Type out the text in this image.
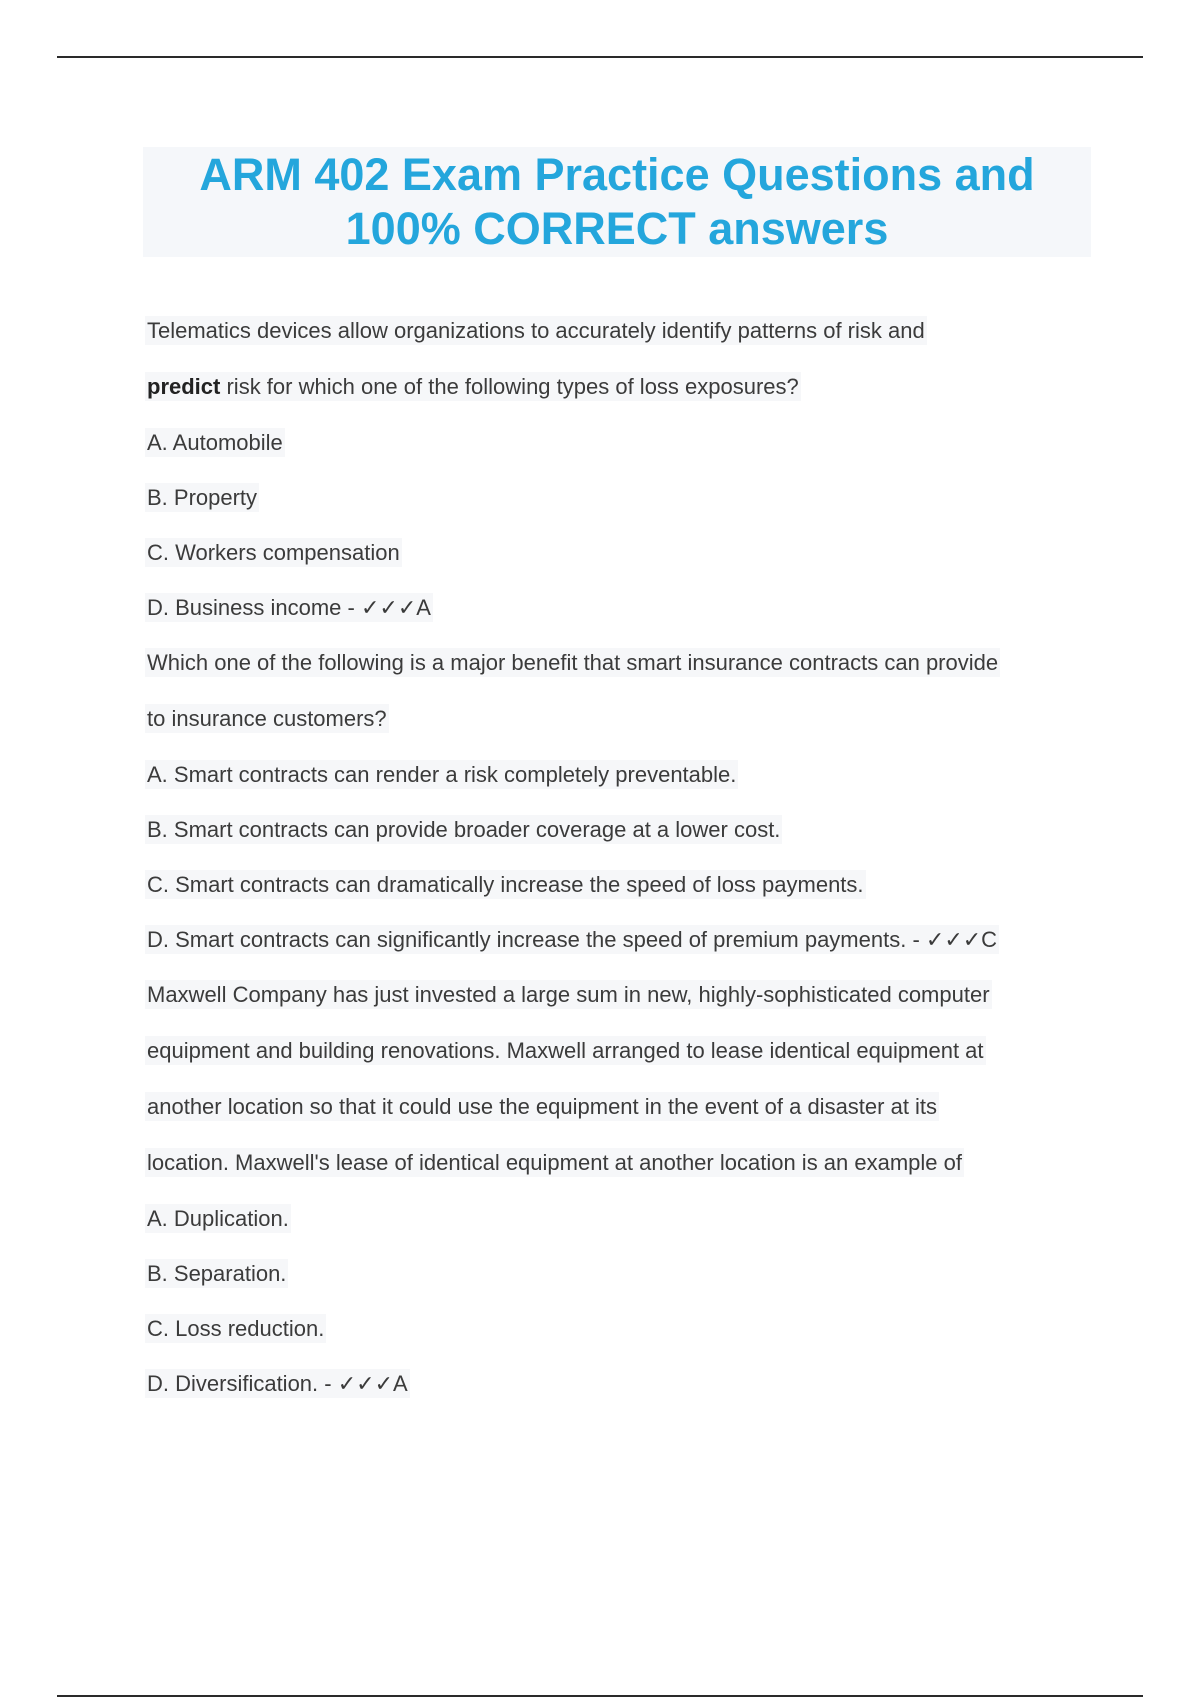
ARM 402 Exam Practice Questions and
100% CORRECT answers
Telematics devices allow organizations to accurately identify patterns of risk and
predict risk for which one of the following types of loss exposures?
A. Automobile
B. Property
C. Workers compensation
D. Business income - ✓✓✓A
Which one of the following is a major benefit that smart insurance contracts can provide
to insurance customers?
A. Smart contracts can render a risk completely preventable.
B. Smart contracts can provide broader coverage at a lower cost.
C. Smart contracts can dramatically increase the speed of loss payments.
D. Smart contracts can significantly increase the speed of premium payments. - ✓✓✓C
Maxwell Company has just invested a large sum in new, highly-sophisticated computer
equipment and building renovations. Maxwell arranged to lease identical equipment at
another location so that it could use the equipment in the event of a disaster at its
location. Maxwell's lease of identical equipment at another location is an example of
A. Duplication.
B. Separation.
C. Loss reduction.
D. Diversification. - ✓✓✓A
